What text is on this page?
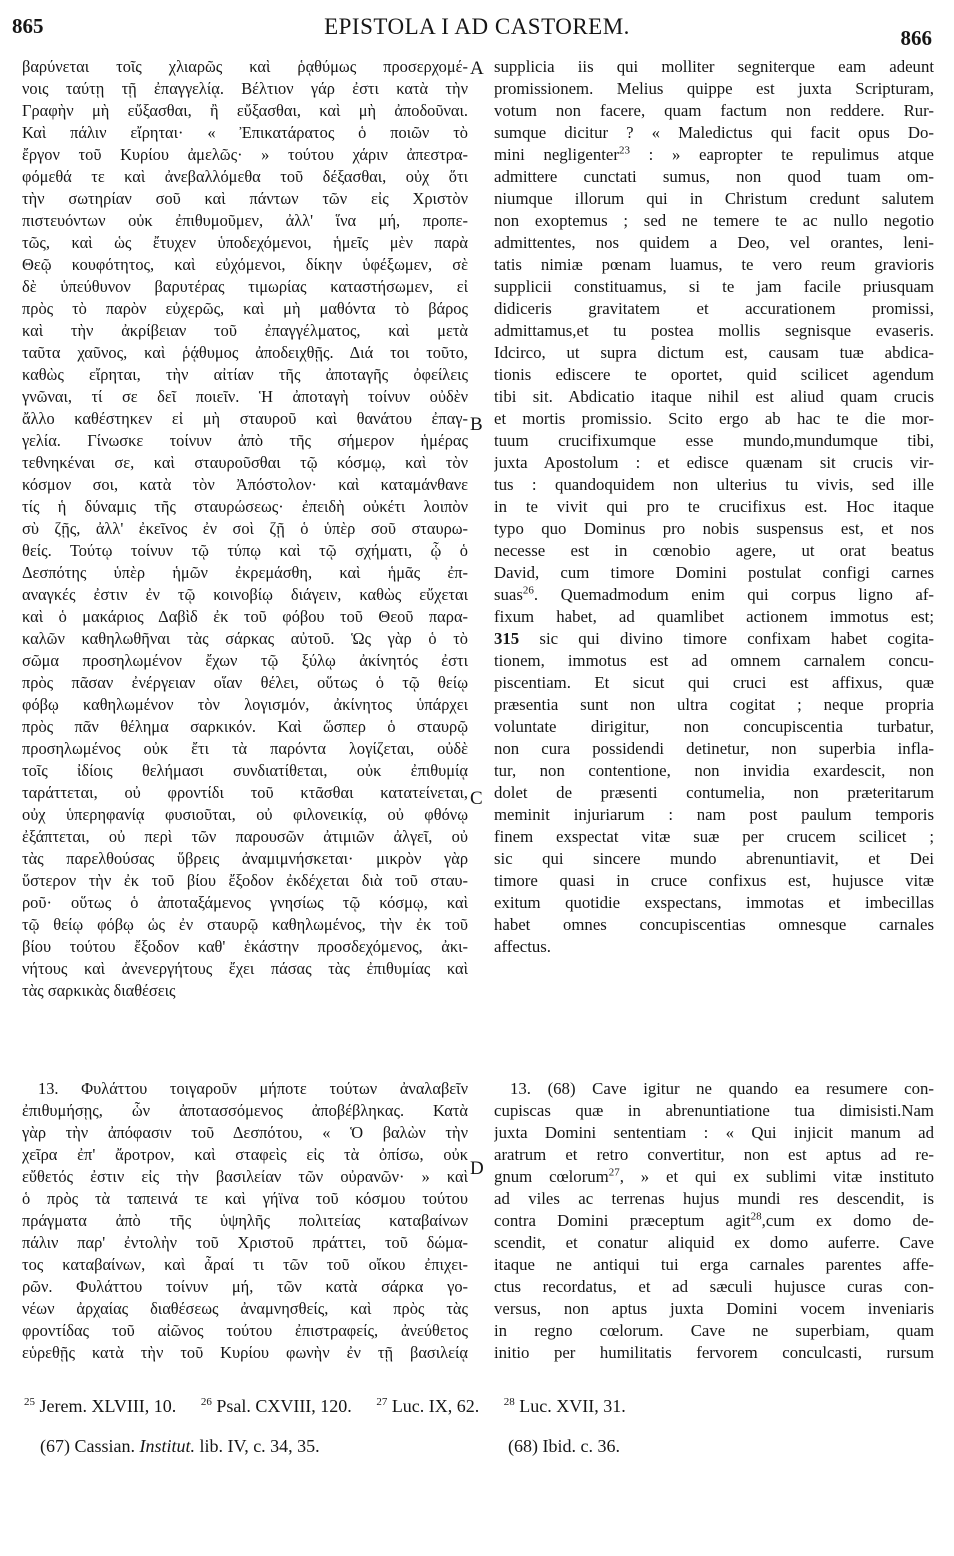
865	EPISTOLA I AD CASTOREM.	866
A
B
C
D
βαρύνεται τοῖς χλιαρῶς καὶ ῥᾳθύμως προσερχομέ-
νοις ταύτῃ τῇ ἐπαγγελίᾳ. Βέλτιον γάρ ἐστι κατὰ τὴν
Γραφὴν μὴ εὔξασθαι, ἢ εὔξασθαι, καὶ μὴ ἀποδοῦναι.
Καὶ πάλιν εἴρηται· « Ἐπικατάρατος ὁ ποιῶν τὸ
ἔργον τοῦ Κυρίου ἀμελῶς· » τούτου χάριν ἀπεστρα-
φόμεθά τε καὶ ἀνεβαλλόμεθα τοῦ δέξασθαι, οὐχ ὅτι
τὴν σωτηρίαν σοῦ καὶ πάντων τῶν εἰς Χριστὸν
πιστευόντων οὐκ ἐπιθυμοῦμεν, ἀλλ' ἵνα μή, προπε-
τῶς, καὶ ὡς ἔτυχεν ὑποδεχόμενοι, ἡμεῖς μὲν παρὰ
Θεῷ κουφότητος, καὶ εὐχόμενοι, δίκην ὑφέξωμεν, σὲ
δὲ ὑπεύθυνον βαρυτέρας τιμωρίας καταστήσωμεν, εἰ
πρὸς τὸ παρὸν εὐχερῶς, καὶ μὴ μαθόντα τὸ βάρος
καὶ τὴν ἀκρίβειαν τοῦ ἐπαγγέλματος, καὶ μετὰ
ταῦτα χαῦνος, καὶ ῥᾴθυμος ἀποδειχθῇς. Διά τοι τοῦτο,
καθὼς εἴρηται, τὴν αἰτίαν τῆς ἀποταγῆς ὀφείλεις
γνῶναι, τί σε δεῖ ποιεῖν. Ἡ ἀποταγὴ τοίνυν οὐδὲν
ἄλλο καθέστηκεν εἰ μὴ σταυροῦ καὶ θανάτου ἐπαγ-
γελία. Γίνωσκε τοίνυν ἀπὸ τῆς σήμερον ἡμέρας
τεθνηκέναι σε, καὶ σταυροῦσθαι τῷ κόσμῳ, καὶ τὸν
κόσμον σοι, κατὰ τὸν Ἀπόστολον· καὶ καταμάνθανε
τίς ἡ δύναμις τῆς σταυρώσεως· ἐπειδὴ οὐκέτι λοιπὸν
σὺ ζῇς, ἀλλ' ἐκεῖνος ἐν σοὶ ζῇ ὁ ὑπὲρ σοῦ σταυρω-
θείς. Τούτῳ τοίνυν τῷ τύπῳ καὶ τῷ σχήματι, ᾧ ὁ
Δεσπότης ὑπὲρ ἡμῶν ἐκρεμάσθη, καὶ ἡμᾶς ἐπ-
αναγκές ἐστιν ἐν τῷ κοινοβίῳ διάγειν, καθὼς εὔχεται
καὶ ὁ μακάριος Δαβὶδ ἐκ τοῦ φόβου τοῦ Θεοῦ παρα-
καλῶν καθηλωθῆναι τὰς σάρκας αὐτοῦ. Ὡς γὰρ ὁ τὸ
σῶμα προσηλωμένον ἔχων τῷ ξύλῳ ἀκίνητός ἐστι
πρὸς πᾶσαν ἐνέργειαν οἵαν θέλει, οὕτως ὁ τῷ θείῳ
φόβῳ καθηλωμένον τὸν λογισμόν, ἀκίνητος ὑπάρχει
πρὸς πᾶν θέλημα σαρκικόν. Καὶ ὥσπερ ὁ σταυρῷ
προσηλωμένος οὐκ ἔτι τὰ παρόντα λογίζεται, οὐδὲ
τοῖς ἰδίοις θελήμασι συνδιατίθεται, οὐκ ἐπιθυμίᾳ
ταράττεται, οὐ φροντίδι τοῦ κτᾶσθαι κατατείνεται,
οὐχ ὑπερηφανίᾳ φυσιοῦται, οὐ φιλονεικίᾳ, οὐ φθόνῳ
ἐξάπτεται, οὐ περὶ τῶν παρουσῶν ἀτιμιῶν ἀλγεῖ, οὐ
τὰς παρελθούσας ὕβρεις ἀναμιμνήσκεται· μικρὸν γὰρ
ὕστερον τὴν ἐκ τοῦ βίου ἔξοδον ἐκδέχεται διὰ τοῦ σταυ-
ροῦ· οὕτως ὁ ἀποταξάμενος γνησίως τῷ κόσμῳ, καὶ
τῷ θείῳ φόβῳ ὡς ἐν σταυρῷ καθηλωμένος, τὴν ἐκ τοῦ
βίου τούτου ἔξοδον καθ' ἑκάστην προσδεχόμενος, ἀκι-
νήτους καὶ ἀνενεργήτους ἔχει πάσας τὰς ἐπιθυμίας καὶ
τὰς σαρκικὰς διαθέσεις
13. Φυλάττου τοιγαροῦν μήποτε τούτων ἀναλαβεῖν
ἐπιθυμήσῃς, ὧν ἀποτασσόμενος ἀποβέβληκας. Κατὰ
γὰρ τὴν ἀπόφασιν τοῦ Δεσπότου, « Ὁ βαλὼν τὴν
χεῖρα ἐπ' ἄροτρον, καὶ σταφεὶς εἰς τὰ ὀπίσω, οὐκ
εὔθετός ἐστιν εἰς τὴν βασιλείαν τῶν οὐρανῶν· » καὶ
ὁ πρὸς τὰ ταπεινά τε καὶ γήϊνα τοῦ κόσμου τούτου
πράγματα ἀπὸ τῆς ὑψηλῆς πολιτείας καταβαίνων
πάλιν παρ' ἐντολὴν τοῦ Χριστοῦ πράττει, τοῦ δώμα-
τος καταβαίνων, καὶ ἆραί τι τῶν τοῦ οἴκου ἐπιχει-
ρῶν. Φυλάττου τοίνυν μή, τῶν κατὰ σάρκα γο-
νέων ἀρχαίας διαθέσεως ἀναμνησθείς, καὶ πρὸς τὰς
φροντίδας τοῦ αἰῶνος τούτου ἐπιστραφείς, ἀνεύθετος
εὑρεθῇς κατὰ τὴν τοῦ Κυρίου φωνὴν ἐν τῇ βασιλείᾳ
supplicia iis qui molliter segniterque eam adeunt
promissionem. Melius quippe est juxta Scripturam,
votum non facere, quam factum non reddere. Rur-
sumque dicitur ? « Maledictus qui facit opus Do-
mini negligenter$^{23}$ : » eapropter te repulimus atque
admittere cunctati sumus, non quod tuam om-
niumque illorum qui in Christum credunt salutem
non exoptemus ; sed ne temere te ac nullo negotio
admittentes, nos quidem a Deo, vel orantes, leni-
tatis nimiæ pœnam luamus, te vero reum gravioris
supplicii constituamus, si te jam facile priusquam
didiceris gravitatem et accurationem promissi,
admittamus,et tu postea mollis segnisque evaseris.
Idcirco, ut supra dictum est, causam tuæ abdica-
tionis ediscere te oportet, quid scilicet agendum
tibi sit. Abdicatio itaque nihil est aliud quam crucis
et mortis promissio. Scito ergo ab hac te die mor-
tuum crucifixumque esse mundo,mundumque tibi,
juxta Apostolum : et edisce quænam sit crucis vir-
tus : quandoquidem non ulterius tu vivis, sed ille
in te vivit qui pro te crucifixus est. Hoc itaque
typo quo Dominus pro nobis suspensus est, et nos
necesse est in cœnobio agere, ut orat beatus
David, cum timore Domini postulat configi carnes
suas$^{26}$. Quemadmodum enim qui corpus ligno af-
fixum habet, ad quamlibet actionem immotus est;
315 sic qui divino timore confixam habet cogita-
tionem, immotus est ad omnem carnalem concu-
piscentiam. Et sicut qui cruci est affixus, quæ
præsentia sunt non ultra cogitat ; neque propria
voluntate dirigitur, non concupiscentia turbatur,
non cura possidendi detinetur, non superbia infla-
tur, non contentione, non invidia exardescit, non
dolet de præsenti contumelia, non præteritarum
meminit injuriarum : nam post paulum temporis
finem exspectat vitæ suæ per crucem scilicet ;
sic qui sincere mundo abrenuntiavit, et Dei
timore quasi in cruce confixus est, hujusce vitæ
exitum quotidie exspectans, immotas et imbecillas
habet omnes concupiscentias omnesque carnales
affectus.
13. (68) Cave igitur ne quando ea resumere con-
cupiscas quæ in abrenuntiatione tua dimisisti.Nam
juxta Domini sententiam : « Qui injicit manum ad
aratrum et retro convertitur, non est aptus ad re-
gnum cœlorum$^{27}$, » et qui ex sublimi vitæ instituto
ad viles ac terrenas hujus mundi res descendit, is
contra Domini præceptum agit$^{28}$,cum ex domo de-
scendit, et conatur aliquid ex domo auferre. Cave
itaque ne antiqui tui erga carnales parentes affe-
ctus recordatus, et ad sæculi hujusce curas con-
versus, non aptus juxta Domini vocem inveniaris
in regno cœlorum. Cave ne superbiam, quam
initio per humilitatis fervorem conculcasti, rursum
$^{25}$ Jerem. XLVIII, 10. $^{26}$ Psal. CXVIII, 120. $^{27}$ Luc. IX, 62. $^{28}$ Luc. XVII, 31.
(67) Cassian. Institut. lib. IV, c. 34, 35.	(68) Ibid. c. 36.
